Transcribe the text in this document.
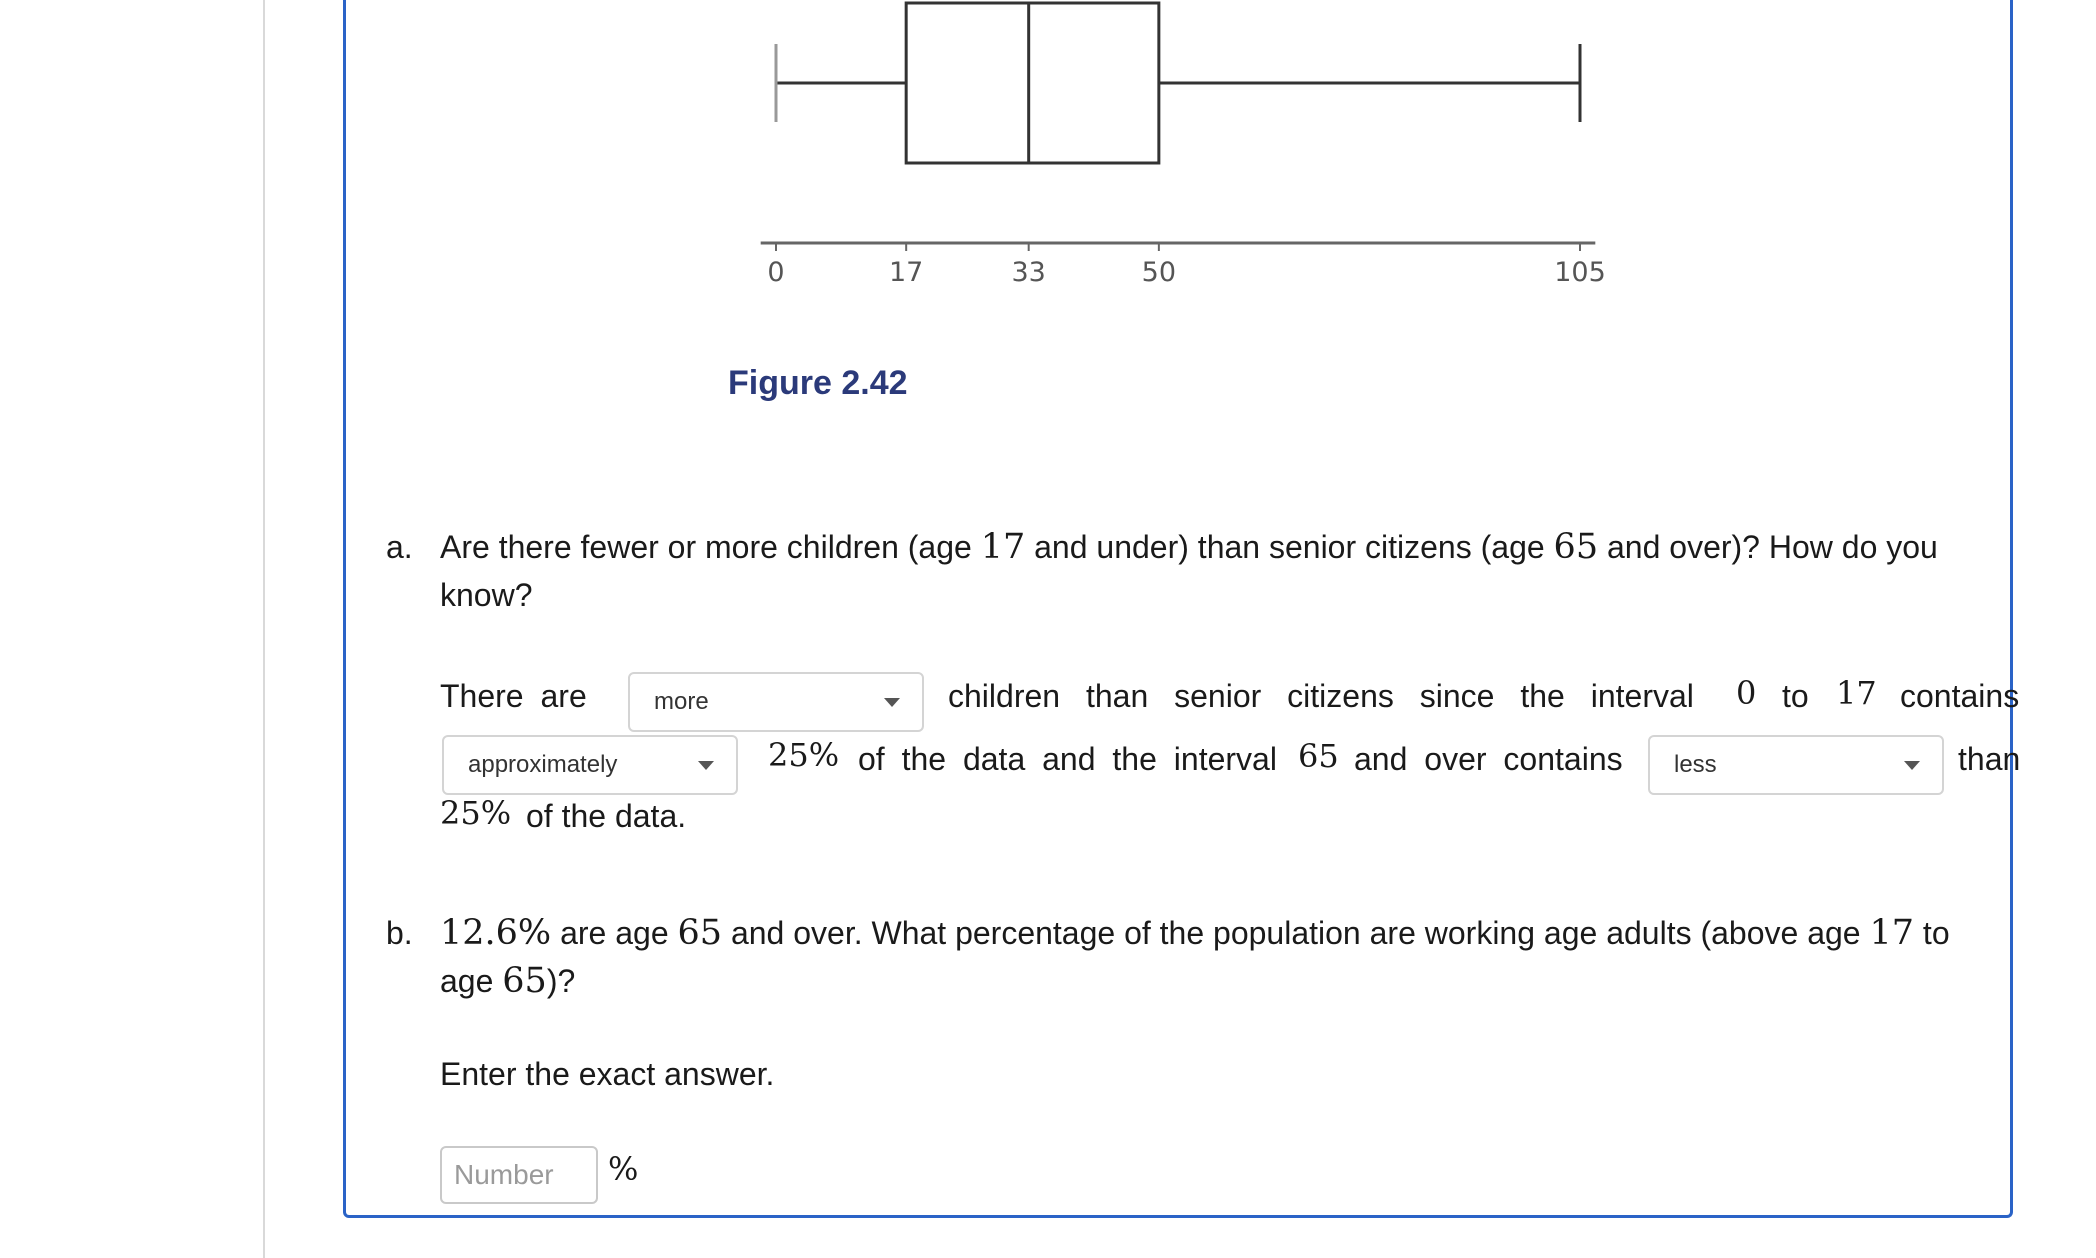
0	17	33	50	105
Figure 2.42
a. Are there fewer or more children (age 17 and under) than senior citizens (age 65 and over)? How do you
know?
There are	more	children than senior citizens since the interval 0 to 17 contains
approximately	25% of the data and the interval 65 and over contains	less	than
25% of the data.
b. 12.6% are age 65 and over. What percentage of the population are working age adults (above age 17 to
age 65)?
Enter the exact answer.
Number
%
